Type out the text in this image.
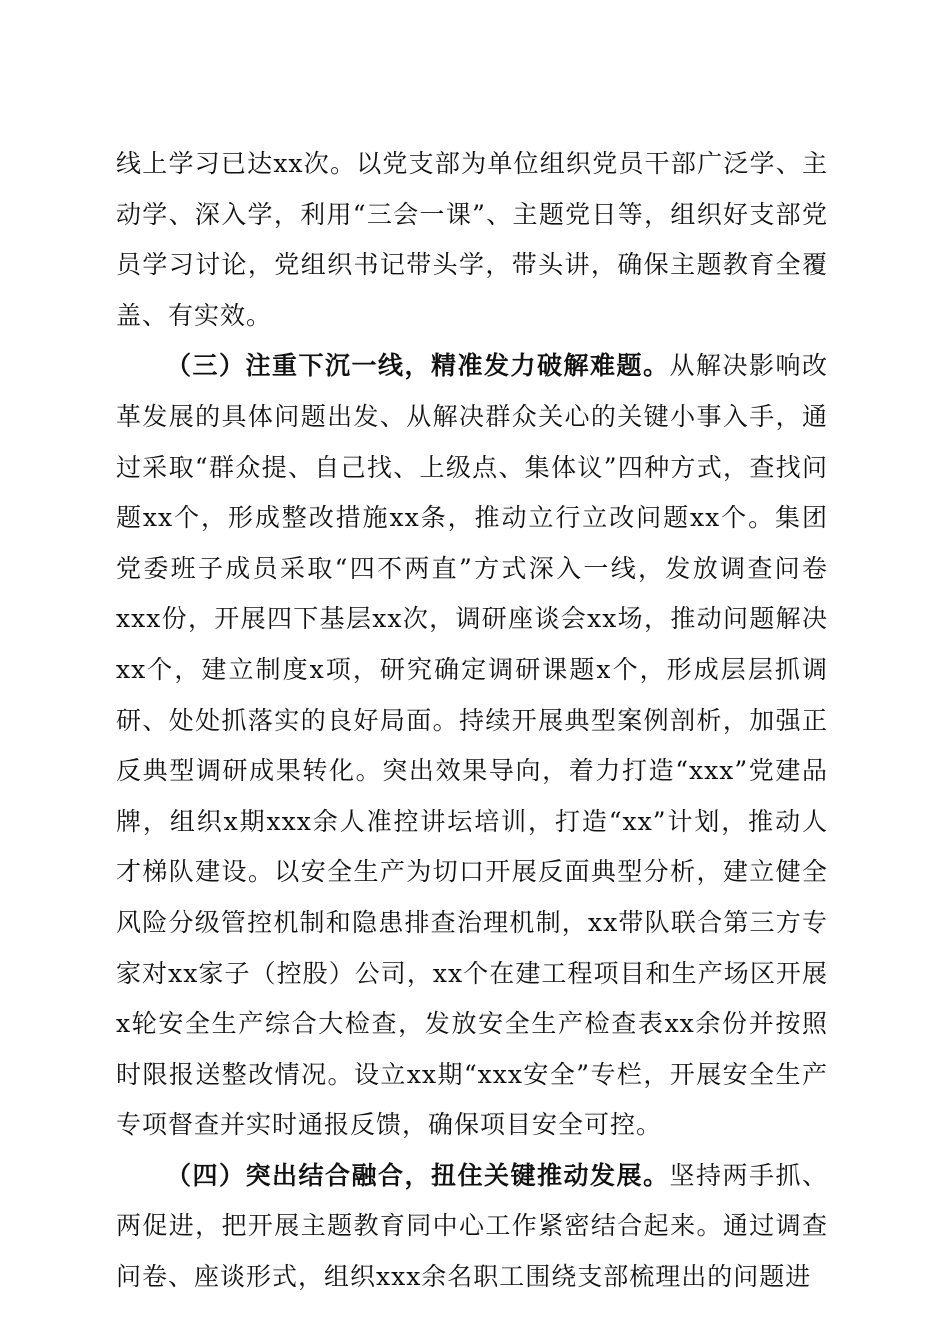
线上学习已达xx次。以党支部为单位组织党员干部广泛学、主动学、深入学，利用“三会一课”、主题党日等，组织好支部党员学习讨论，党组织书记带头学，带头讲，确保主题教育全覆盖、有实效。

（三）注重下沉一线，精准发力破解难题。从解决影响改革发展的具体问题出发、从解决群众关心的关键小事入手，通过采取“群众提、自己找、上级点、集体议”四种方式，查找问题xx个，形成整改措施xx条，推动立行立改问题xx个。集团党委班子成员采取“四不两直”方式深入一线，发放调查问卷xxx份，开展四下基层xx次，调研座谈会xx场，推动问题解决xx个，建立制度x项，研究确定调研课题x个，形成层层抓调研、处处抓落实的良好局面。持续开展典型案例剖析，加强正反典型调研成果转化。突出效果导向，着力打造“xxx”党建品牌，组织x期xxx余人准控讲坛培训，打造“xx”计划，推动人才梯队建设。以安全生产为切口开展反面典型分析，建立健全风险分级管控机制和隐患排查治理机制，xx带队联合第三方专家对xx家子（控股）公司，xx个在建工程项目和生产场区开展x轮安全生产综合大检查，发放安全生产检查表xx余份并按照时限报送整改情况。设立xx期“xxx安全”专栏，开展安全生产专项督查并实时通报反馈，确保项目安全可控。

（四）突出结合融合，扭住关键推动发展。坚持两手抓、两促进，把开展主题教育同中心工作紧密结合起来。通过调查问卷、座谈形式，组织xxx余名职工围绕支部梳理出的问题进
